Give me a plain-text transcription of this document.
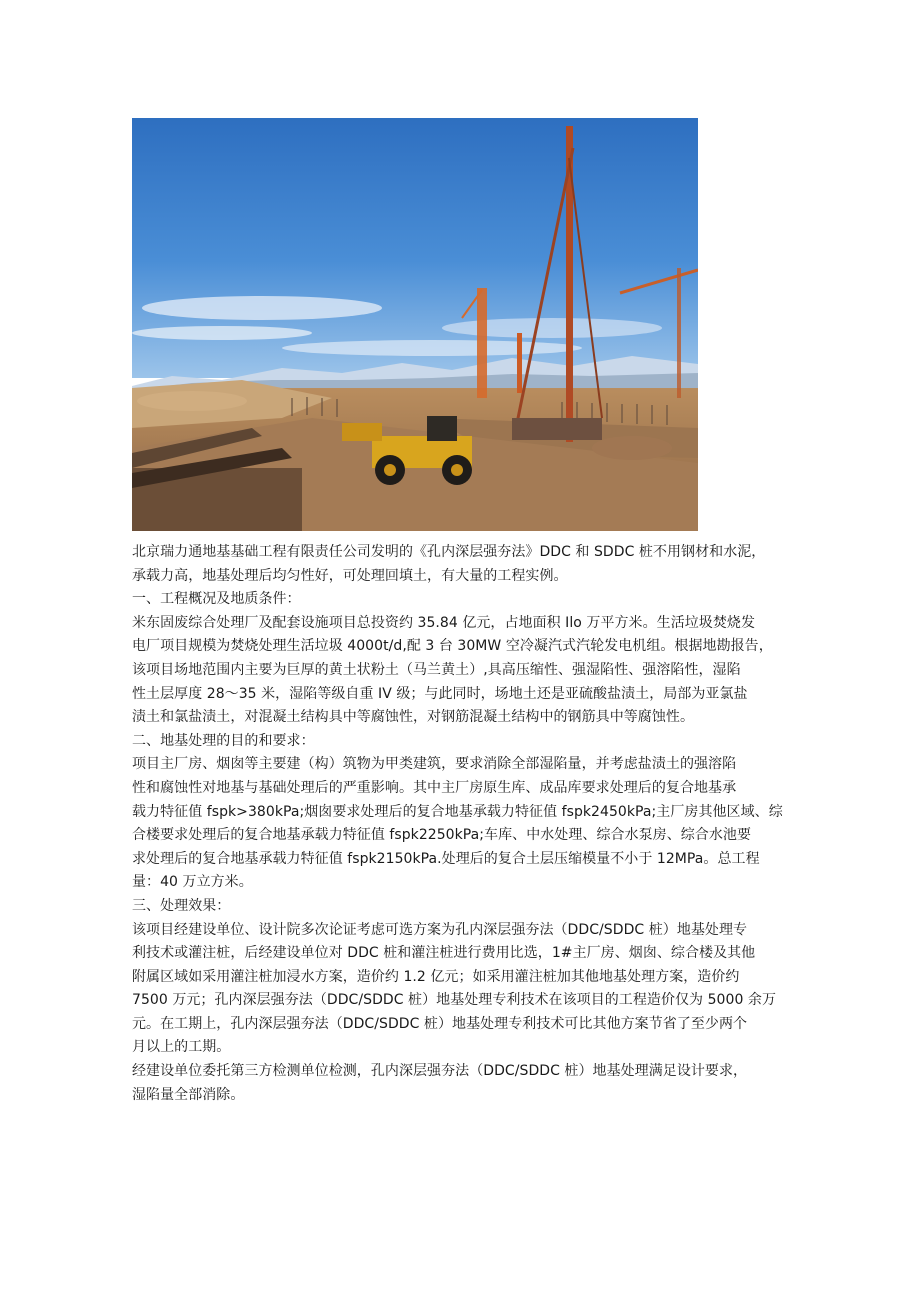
北京瑞力通地基基础工程有限责任公司发明的《孔内深层强夯法》DDC 和 SDDC 桩不用钢材和水泥，
承载力高，地基处理后均匀性好，可处理回填土，有大量的工程实例。
一、工程概况及地质条件：
米东固废综合处理厂及配套设施项目总投资约 35.84 亿元，占地面积 Ilo 万平方米。生活垃圾焚烧发
电厂项目规模为焚烧处理生活垃圾 4000t/d,配 3 台 30MW 空冷凝汽式汽轮发电机组。根据地勘报告，
该项目场地范围内主要为巨厚的黄土状粉土（马兰黄土）,具高压缩性、强湿陷性、强溶陷性，湿陷
性土层厚度 28～35 米，湿陷等级自重 IV 级；与此同时，场地土还是亚硫酸盐渍土，局部为亚氯盐
渍土和氯盐渍土，对混凝土结构具中等腐蚀性，对钢筋混凝土结构中的钢筋具中等腐蚀性。
二、地基处理的目的和要求：
项目主厂房、烟囱等主要建（构）筑物为甲类建筑，要求消除全部湿陷量，并考虑盐渍土的强溶陷
性和腐蚀性对地基与基础处理后的严重影响。其中主厂房原生库、成品库要求处理后的复合地基承
载力特征值 fspk>380kPa;烟囱要求处理后的复合地基承载力特征值 fspk2450kPa;主厂房其他区域、综
合楼要求处理后的复合地基承载力特征值 fspk2250kPa;车库、中水处理、综合水泵房、综合水池要
求处理后的复合地基承载力特征值 fspk2150kPa.处理后的复合土层压缩模量不小于 12MPa。总工程
量：40 万立方米。
三、处理效果：
该项目经建设单位、设计院多次论证考虑可选方案为孔内深层强夯法（DDC/SDDC 桩）地基处理专
利技术或灌注桩，后经建设单位对 DDC 桩和灌注桩进行费用比选，1#主厂房、烟囱、综合楼及其他
附属区域如采用灌注桩加浸水方案，造价约 1.2 亿元；如采用灌注桩加其他地基处理方案，造价约
7500 万元；孔内深层强夯法（DDC/SDDC 桩）地基处理专利技术在该项目的工程造价仅为 5000 余万
元。在工期上，孔内深层强夯法（DDC/SDDC 桩）地基处理专利技术可比其他方案节省了至少两个
月以上的工期。
经建设单位委托第三方检测单位检测，孔内深层强夯法（DDC/SDDC 桩）地基处理满足设计要求，
湿陷量全部消除。
